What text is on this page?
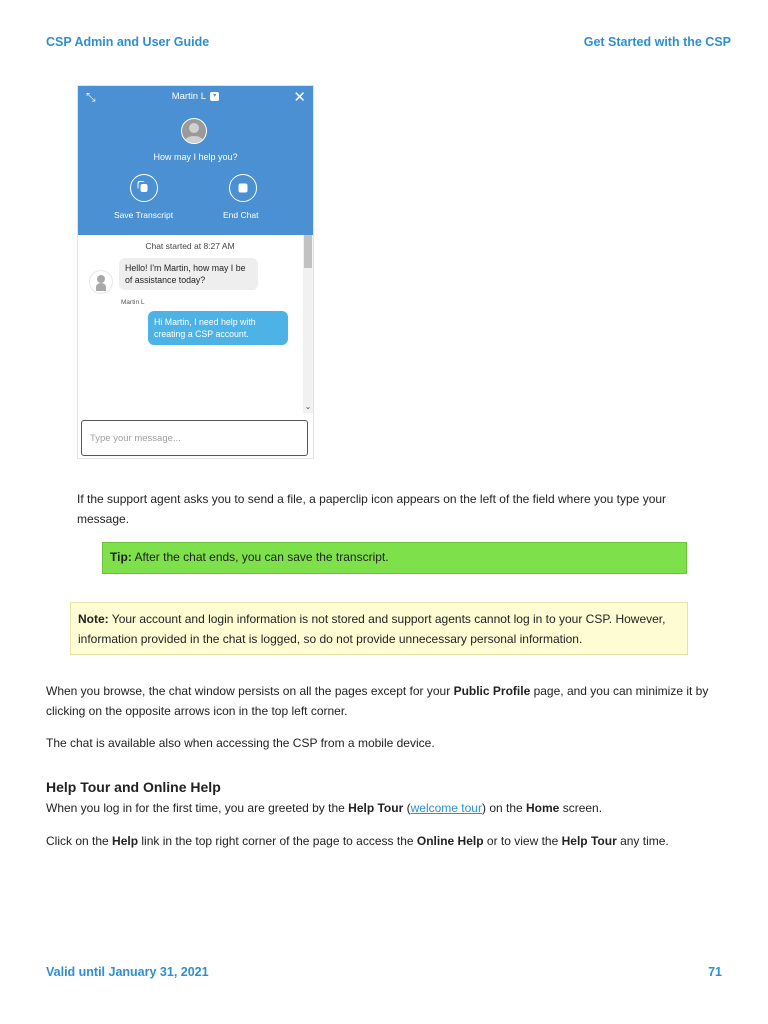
CSP Admin and User Guide	Get Started with the CSP
⤡	Martin L ▾	✕
How may I help you?
Save Transcript	End Chat
Chat started at 8:27 AM
Hello! I'm Martin, how may I be of assistance today?
Martin L
Hi Martin, I need help with creating a CSP account.
⌄
Type your message...
If the support agent asks you to send a file, a paperclip icon appears on the left of the field where you type your message.
Tip: After the chat ends, you can save the transcript.
Note: Your account and login information is not stored and support agents cannot log in to your CSP. However, information provided in the chat is logged, so do not provide unnecessary personal information.
When you browse, the chat window persists on all the pages except for your Public Profile page, and you can minimize it by clicking on the opposite arrows icon in the top left corner.
The chat is available also when accessing the CSP from a mobile device.
Help Tour and Online Help
When you log in for the first time, you are greeted by the Help Tour (welcome tour) on the Home screen.
Click on the Help link in the top right corner of the page to access the Online Help or to view the Help Tour any time.
Valid until January 31, 2021	71
